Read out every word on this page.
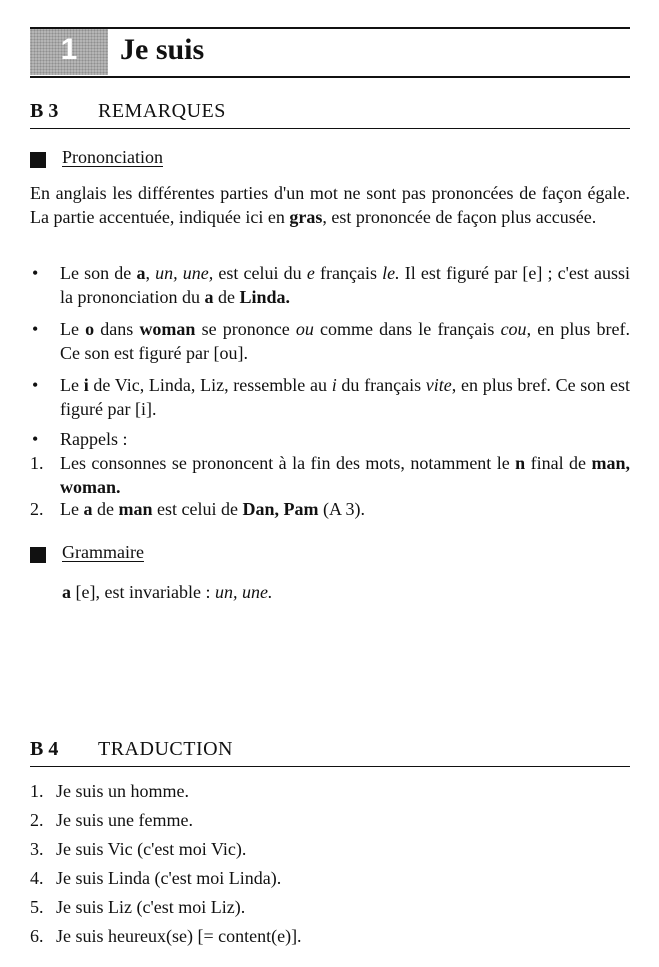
1	Je suis
B 3 REMARQUES
Prononciation
En anglais les différentes parties d'un mot ne sont pas prononcées de façon égale. La partie accentuée, indiquée ici en gras, est prononcée de façon plus accusée.
•	Le son de a, un, une, est celui du e français le. Il est figuré par [e] ; c'est aussi la prononciation du a de Linda.
•	Le o dans woman se prononce ou comme dans le français cou, en plus bref. Ce son est figuré par [ou].
•	Le i de Vic, Linda, Liz, ressemble au i du français vite, en plus bref. Ce son est figuré par [i].
•	Rappels :
1. Les consonnes se prononcent à la fin des mots, notamment le n final de man, woman.
2. Le a de man est celui de Dan, Pam (A 3).
Grammaire
a [e], est invariable : un, une.
B 4 TRADUCTION
1. Je suis un homme.
2. Je suis une femme.
3. Je suis Vic (c'est moi Vic).
4. Je suis Linda (c'est moi Linda).
5. Je suis Liz (c'est moi Liz).
6. Je suis heureux(se) [= content(e)].
